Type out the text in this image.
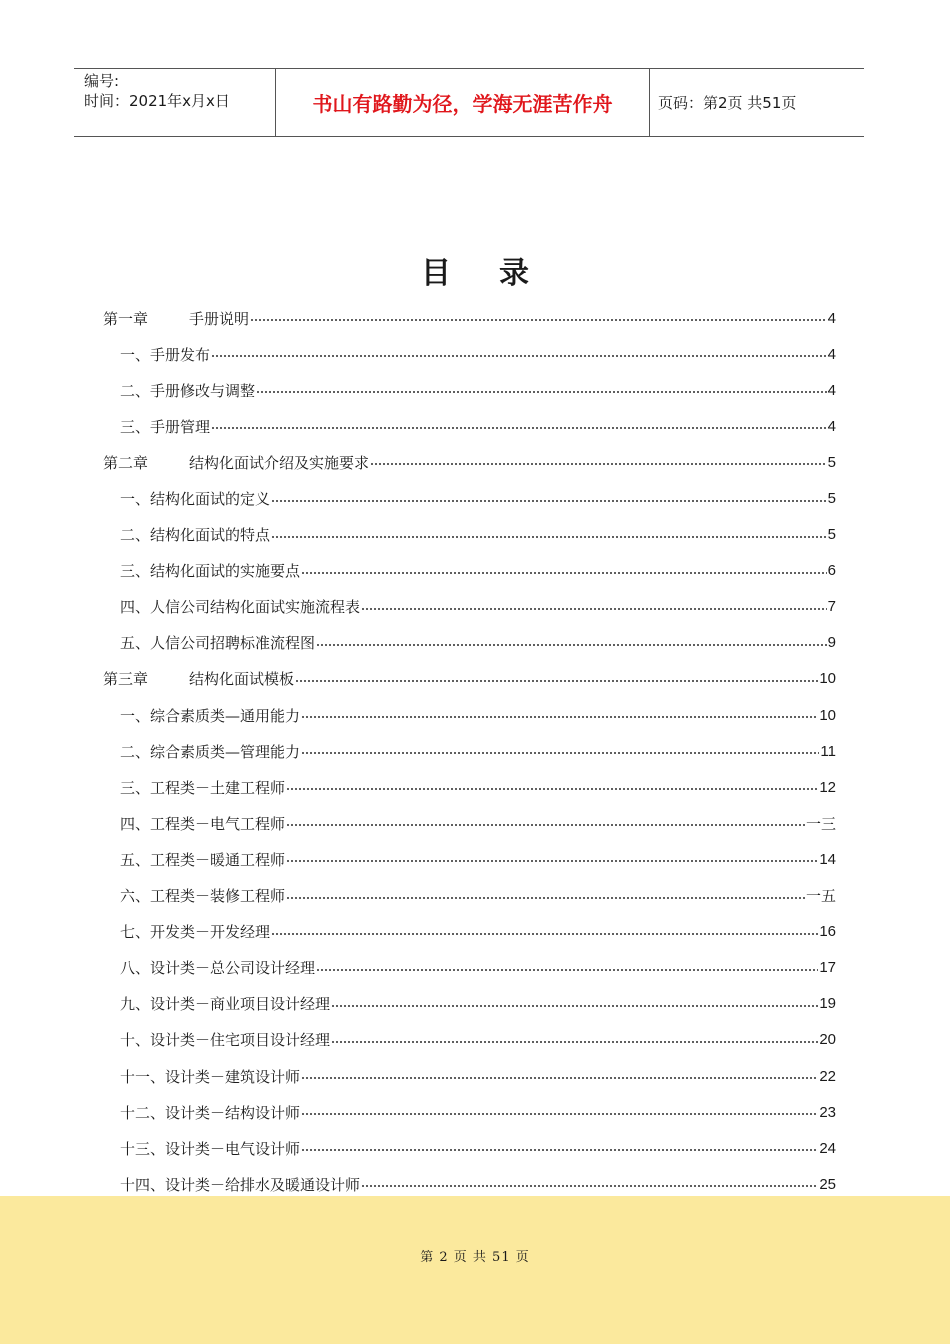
编号:
时间：2021年x月x日	书山有路勤为径，学海无涯苦作舟	页码：第2页 共51页
目录
第一章	手册说明	4
一、手册发布	4
二、手册修改与调整	4
三、手册管理	4
第二章	结构化面试介绍及实施要求	5
一、结构化面试的定义	5
二、结构化面试的特点	5
三、结构化面试的实施要点	6
四、人信公司结构化面试实施流程表	7
五、人信公司招聘标准流程图	9
第三章	结构化面试模板	10
一、综合素质类—通用能力	10
二、综合素质类—管理能力	11
三、工程类－土建工程师	12
四、工程类－电气工程师	一三
五、工程类－暖通工程师	14
六、工程类－装修工程师	一五
七、开发类－开发经理	16
八、设计类－总公司设计经理	17
九、设计类－商业项目设计经理	19
十、设计类－住宅项目设计经理	20
十一、设计类－建筑设计师	22
十二、设计类－结构设计师	23
十三、设计类－电气设计师	24
十四、设计类－给排水及暖通设计师	25
第 2 页 共 51 页
